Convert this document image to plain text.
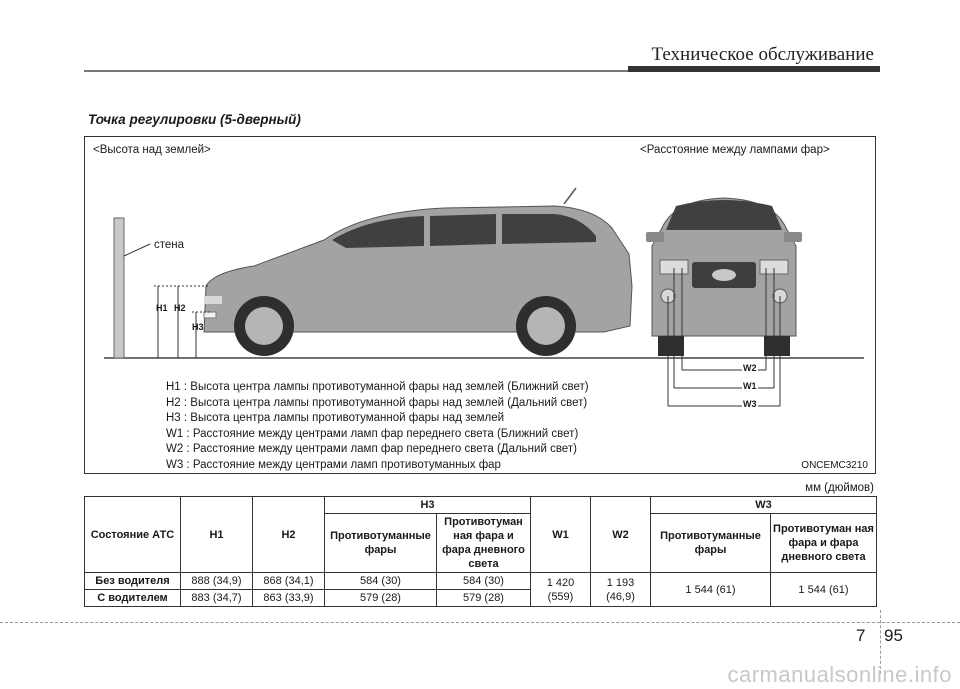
Техническое обслуживание
Точка регулировки (5-дверный)
<Высота над землей>	<Расстояние между лампами фар>
стена
H1 H2
H3
W2
W1
W3
H1 : Высота центра лампы противотуманной фары над землей (Ближний свет)
H2 : Высота центра лампы противотуманной фары над землей (Дальний свет)
H3 : Высота центра лампы противотуманной фары над землей
W1 : Расстояние между центрами ламп фар переднего света (Ближний свет)
W2 : Расстояние между центрами ламп фар переднего света (Дальний свет)
W3 : Расстояние между центрами ламп противотуманных фар	ONCEMC3210
мм (дюймов)
Состояние АТС	H1	H2	H3		W1	W2	W3	
			Противотуманные фары	Противотуман ная фара и фара дневного света			Противотуманные фары	Противотуман ная фара и фара дневного света
Без водителя	888 (34,9)	868 (34,1)	584 (30)	584 (30)	1 420 (559)	1 193 (46,9)	1 544 (61)	1 544 (61)
С водителем	883 (34,7)	863 (33,9)	579 (28)	579 (28)				
7 95
carmanualsonline.info
